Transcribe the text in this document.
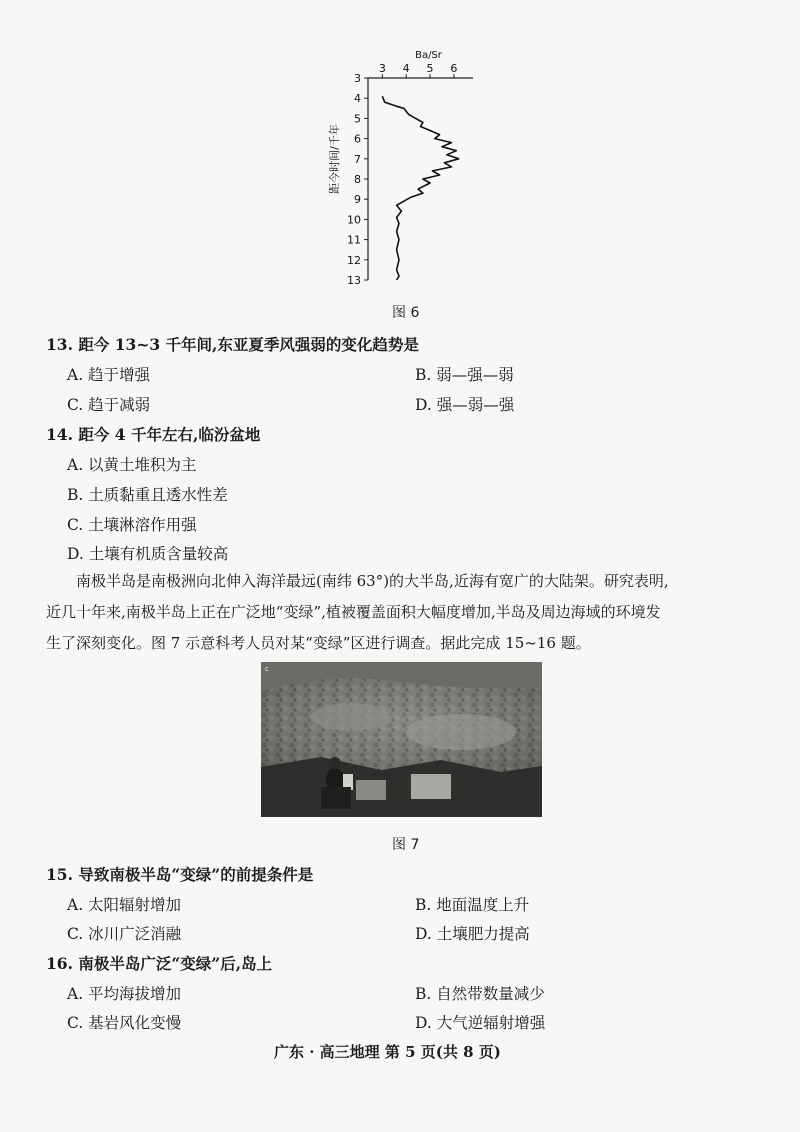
3 4 5 6
Ba/Sr
3
4
5
6
7
8
9
10
11
12
13
距今时间/千年
图 6
13. 距今 13~3 千年间,东亚夏季风强弱的变化趋势是
A. 趋于增强	B. 弱—强—弱
C. 趋于减弱	D. 强—弱—强
14. 距今 4 千年左右,临汾盆地
A. 以黄土堆积为主
B. 土质黏重且透水性差
C. 土壤淋溶作用强
D. 土壤有机质含量较高
南极半岛是南极洲向北伸入海洋最远(南纬 63°)的大半岛,近海有宽广的大陆架。研究表明,
近几十年来,南极半岛上正在广泛地“变绿”,植被覆盖面积大幅度增加,半岛及周边海域的环境发
生了深刻变化。图 7 示意科考人员对某“变绿”区进行调查。据此完成 15~16 题。
c
图 7
15. 导致南极半岛“变绿”的前提条件是
A. 太阳辐射增加	B. 地面温度上升
C. 冰川广泛消融	D. 土壤肥力提高
16. 南极半岛广泛“变绿”后,岛上
A. 平均海拔增加	B. 自然带数量减少
C. 基岩风化变慢	D. 大气逆辐射增强
广东 · 高三地理 第 5 页(共 8 页)
